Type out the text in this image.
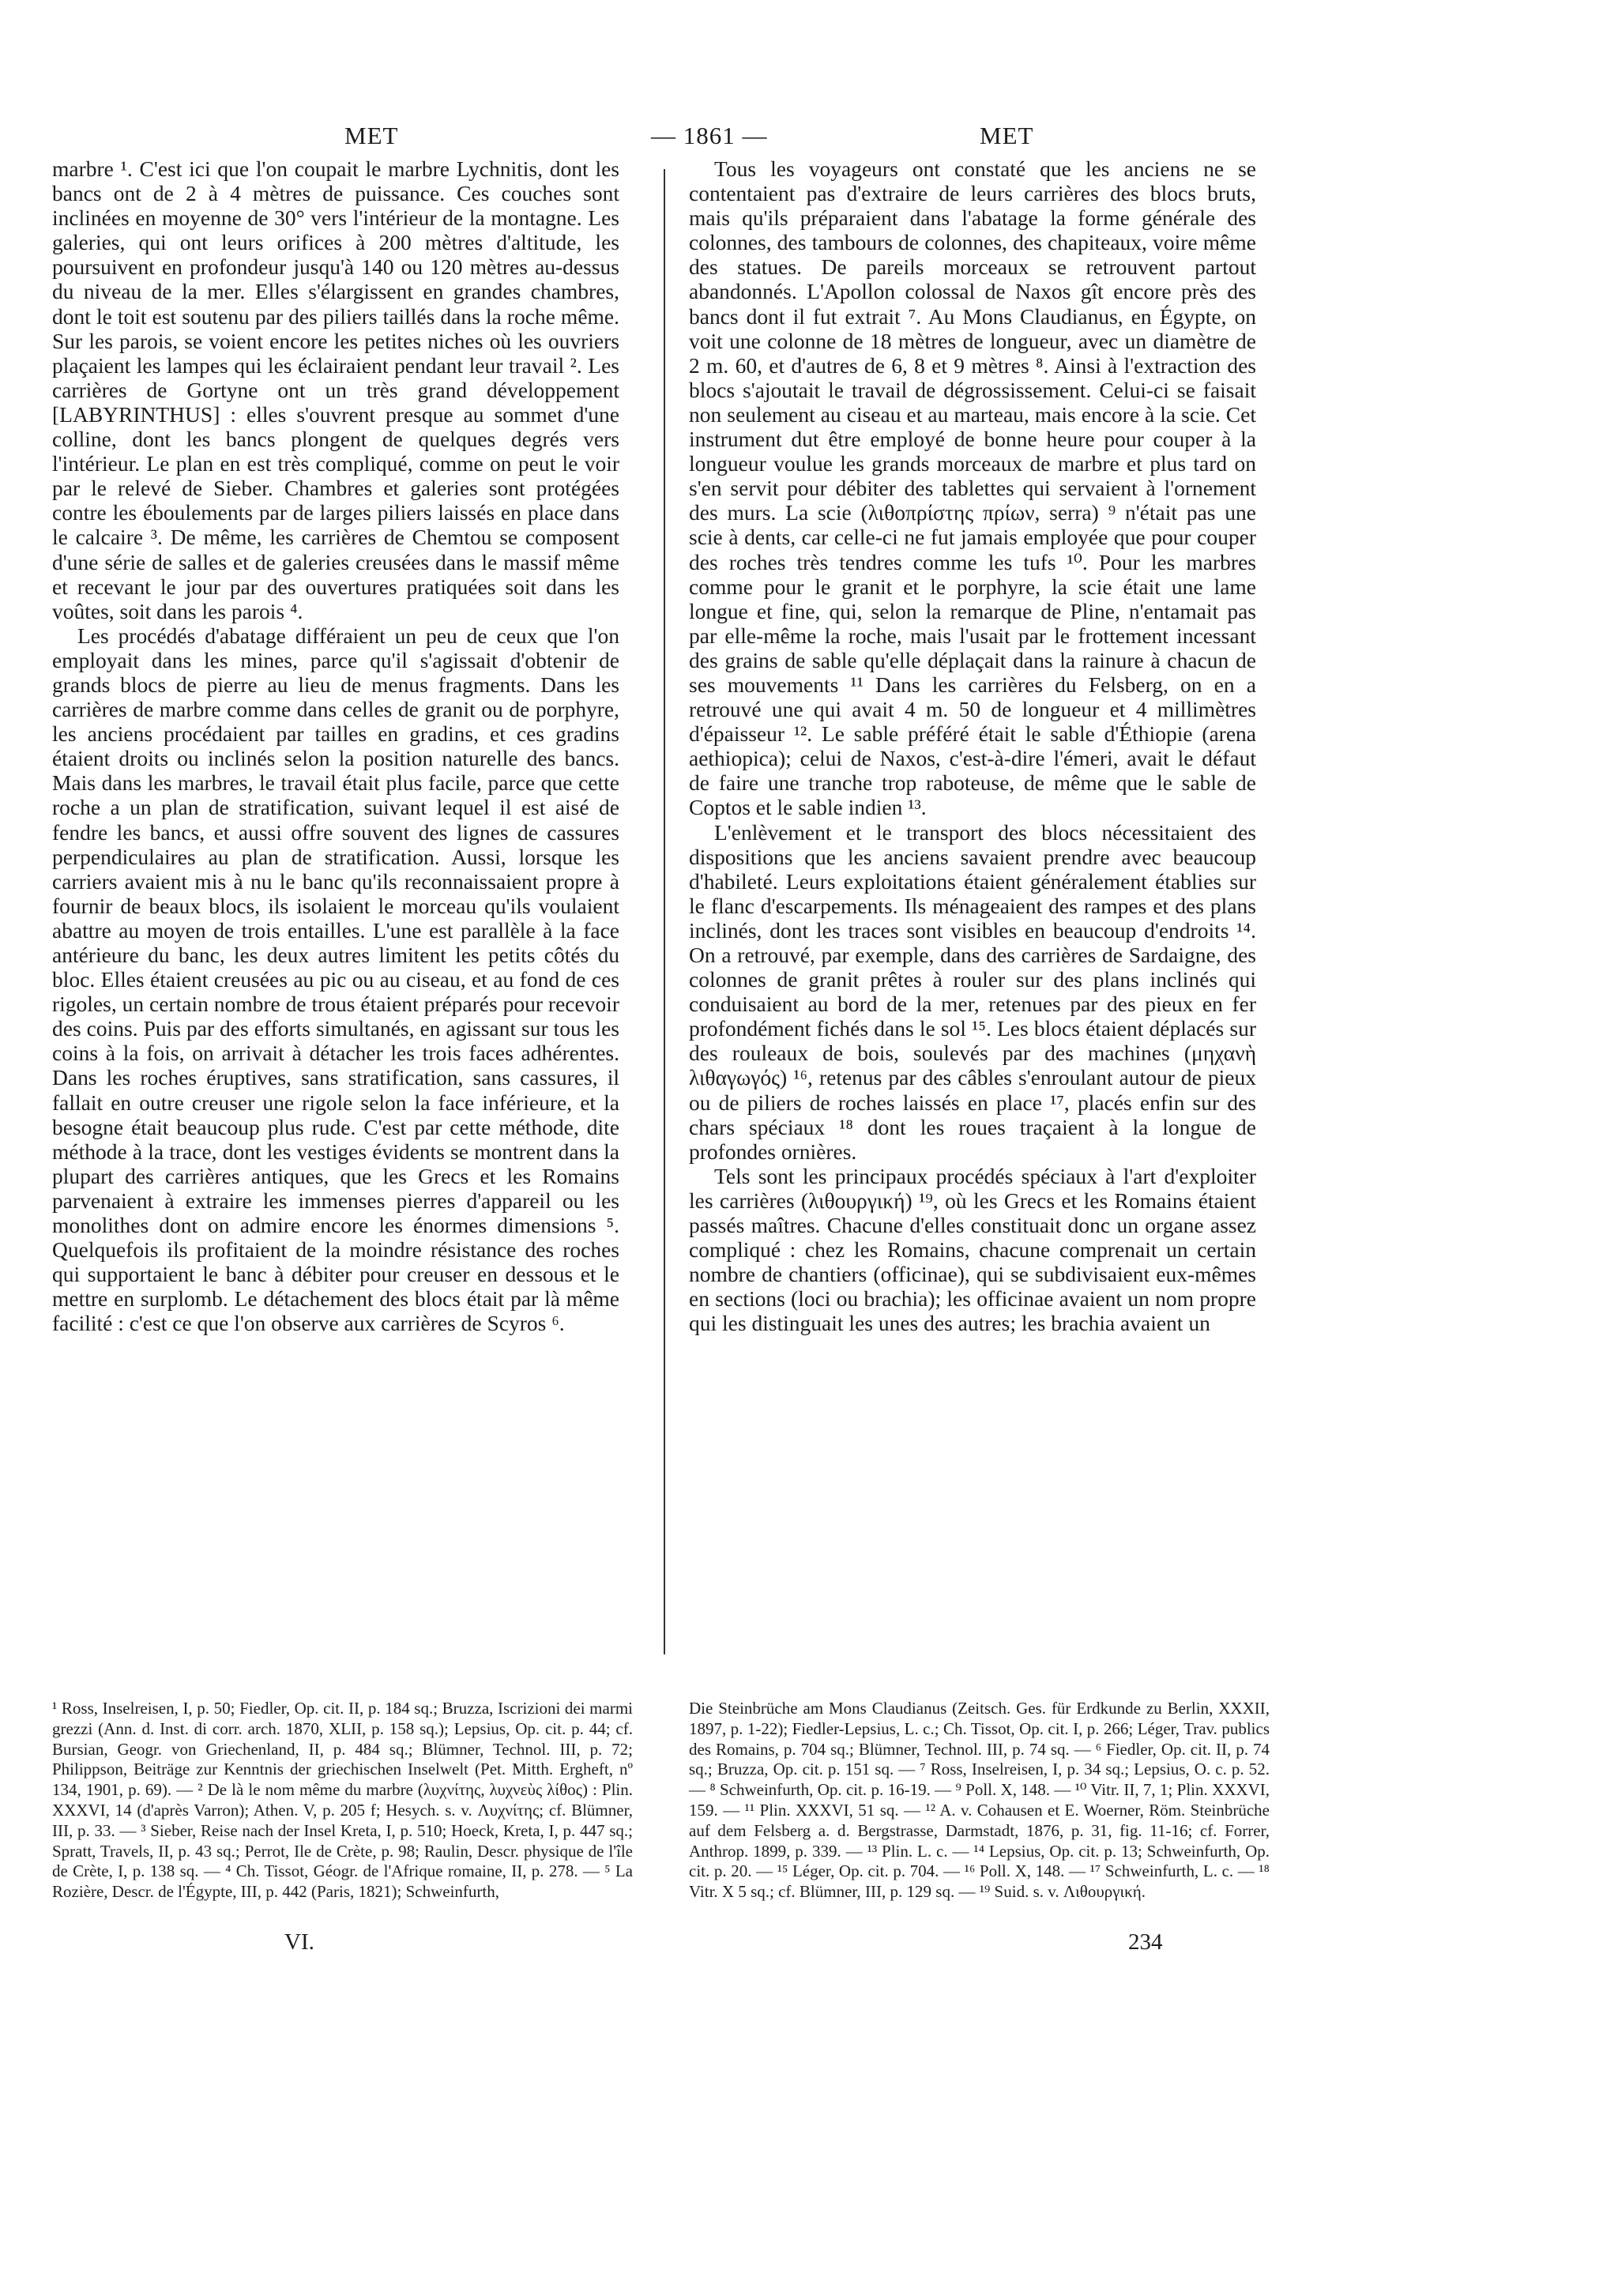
MET	— 1861 —	MET

marbre ¹. C'est ici que l'on coupait le marbre Lychnitis, dont les bancs ont de 2 à 4 mètres de puissance. Ces couches sont inclinées en moyenne de 30° vers l'intérieur de la montagne. Les galeries, qui ont leurs orifices à 200 mètres d'altitude, les poursuivent en profondeur jusqu'à 140 ou 120 mètres au-dessus du niveau de la mer. Elles s'élargissent en grandes chambres, dont le toit est soutenu par des piliers taillés dans la roche même. Sur les parois, se voient encore les petites niches où les ouvriers plaçaient les lampes qui les éclairaient pendant leur travail ². Les carrières de Gortyne ont un très grand développement [LABYRINTHUS] : elles s'ouvrent presque au sommet d'une colline, dont les bancs plongent de quelques degrés vers l'intérieur. Le plan en est très compliqué, comme on peut le voir par le relevé de Sieber. Chambres et galeries sont protégées contre les éboulements par de larges piliers laissés en place dans le calcaire ³. De même, les carrières de Chemtou se composent d'une série de salles et de galeries creusées dans le massif même et recevant le jour par des ouvertures pratiquées soit dans les voûtes, soit dans les parois ⁴.

Les procédés d'abatage différaient un peu de ceux que l'on employait dans les mines, parce qu'il s'agissait d'obtenir de grands blocs de pierre au lieu de menus fragments. Dans les carrières de marbre comme dans celles de granit ou de porphyre, les anciens procédaient par tailles en gradins, et ces gradins étaient droits ou inclinés selon la position naturelle des bancs. Mais dans les marbres, le travail était plus facile, parce que cette roche a un plan de stratification, suivant lequel il est aisé de fendre les bancs, et aussi offre souvent des lignes de cassures perpendiculaires au plan de stratification. Aussi, lorsque les carriers avaient mis à nu le banc qu'ils reconnaissaient propre à fournir de beaux blocs, ils isolaient le morceau qu'ils voulaient abattre au moyen de trois entailles. L'une est parallèle à la face antérieure du banc, les deux autres limitent les petits côtés du bloc. Elles étaient creusées au pic ou au ciseau, et au fond de ces rigoles, un certain nombre de trous étaient préparés pour recevoir des coins. Puis par des efforts simultanés, en agissant sur tous les coins à la fois, on arrivait à détacher les trois faces adhérentes. Dans les roches éruptives, sans stratification, sans cassures, il fallait en outre creuser une rigole selon la face inférieure, et la besogne était beaucoup plus rude. C'est par cette méthode, dite méthode à la trace, dont les vestiges évidents se montrent dans la plupart des carrières antiques, que les Grecs et les Romains parvenaient à extraire les immenses pierres d'appareil ou les monolithes dont on admire encore les énormes dimensions ⁵. Quelquefois ils profitaient de la moindre résistance des roches qui supportaient le banc à débiter pour creuser en dessous et le mettre en surplomb. Le détachement des blocs était par là même facilité : c'est ce que l'on observe aux carrières de Scyros ⁶.

Tous les voyageurs ont constaté que les anciens ne se contentaient pas d'extraire de leurs carrières des blocs bruts, mais qu'ils préparaient dans l'abatage la forme générale des colonnes, des tambours de colonnes, des chapiteaux, voire même des statues. De pareils morceaux se retrouvent partout abandonnés. L'Apollon colossal de Naxos gît encore près des bancs dont il fut extrait ⁷. Au Mons Claudianus, en Égypte, on voit une colonne de 18 mètres de longueur, avec un diamètre de 2 m. 60, et d'autres de 6, 8 et 9 mètres ⁸. Ainsi à l'extraction des blocs s'ajoutait le travail de dégrossissement. Celui-ci se faisait non seulement au ciseau et au marteau, mais encore à la scie. Cet instrument dut être employé de bonne heure pour couper à la longueur voulue les grands morceaux de marbre et plus tard on s'en servit pour débiter des tablettes qui servaient à l'ornement des murs. La scie (λιθοπρίστης πρίων, serra) ⁹ n'était pas une scie à dents, car celle-ci ne fut jamais employée que pour couper des roches très tendres comme les tufs ¹⁰. Pour les marbres comme pour le granit et le porphyre, la scie était une lame longue et fine, qui, selon la remarque de Pline, n'entamait pas par elle-même la roche, mais l'usait par le frottement incessant des grains de sable qu'elle déplaçait dans la rainure à chacun de ses mouvements ¹¹ Dans les carrières du Felsberg, on en a retrouvé une qui avait 4 m. 50 de longueur et 4 millimètres d'épaisseur ¹². Le sable préféré était le sable d'Éthiopie (arena aethiopica); celui de Naxos, c'est-à-dire l'émeri, avait le défaut de faire une tranche trop raboteuse, de même que le sable de Coptos et le sable indien ¹³.

L'enlèvement et le transport des blocs nécessitaient des dispositions que les anciens savaient prendre avec beaucoup d'habileté. Leurs exploitations étaient généralement établies sur le flanc d'escarpements. Ils ménageaient des rampes et des plans inclinés, dont les traces sont visibles en beaucoup d'endroits ¹⁴. On a retrouvé, par exemple, dans des carrières de Sardaigne, des colonnes de granit prêtes à rouler sur des plans inclinés qui conduisaient au bord de la mer, retenues par des pieux en fer profondément fichés dans le sol ¹⁵. Les blocs étaient déplacés sur des rouleaux de bois, soulevés par des machines (μηχανὴ λιθαγωγός) ¹⁶, retenus par des câbles s'enroulant autour de pieux ou de piliers de roches laissés en place ¹⁷, placés enfin sur des chars spéciaux ¹⁸ dont les roues traçaient à la longue de profondes ornières.

Tels sont les principaux procédés spéciaux à l'art d'exploiter les carrières (λιθουργική) ¹⁹, où les Grecs et les Romains étaient passés maîtres. Chacune d'elles constituait donc un organe assez compliqué : chez les Romains, chacune comprenait un certain nombre de chantiers (officinae), qui se subdivisaient eux-mêmes en sections (loci ou brachia); les officinae avaient un nom propre qui les distinguait les unes des autres; les brachia avaient un

¹ Ross, Inselreisen, I, p. 50; Fiedler, Op. cit. II, p. 184 sq.; Bruzza, Iscrizioni dei marmi grezzi (Ann. d. Inst. di corr. arch. 1870, XLII, p. 158 sq.); Lepsius, Op. cit. p. 44; cf. Bursian, Geogr. von Griechenland, II, p. 484 sq.; Blümner, Technol. III, p. 72; Philippson, Beiträge zur Kenntnis der griechischen Inselwelt (Pet. Mitth. Ergheft, nº 134, 1901, p. 69). — ² De là le nom même du marbre (λυχνίτης, λυχνεὺς λίθος) : Plin. XXXVI, 14 (d'après Varron); Athen. V, p. 205 f; Hesych. s. v. Λυχνίτης; cf. Blümner, III, p. 33. — ³ Sieber, Reise nach der Insel Kreta, I, p. 510; Hoeck, Kreta, I, p. 447 sq.; Spratt, Travels, II, p. 43 sq.; Perrot, Ile de Crète, p. 98; Raulin, Descr. physique de l'île de Crète, I, p. 138 sq. — ⁴ Ch. Tissot, Géogr. de l'Afrique romaine, II, p. 278. — ⁵ La Rozière, Descr. de l'Égypte, III, p. 442 (Paris, 1821); Schweinfurth,
Die Steinbrüche am Mons Claudianus (Zeitsch. Ges. für Erdkunde zu Berlin, XXXII, 1897, p. 1-22); Fiedler-Lepsius, L. c.; Ch. Tissot, Op. cit. I, p. 266; Léger, Trav. publics des Romains, p. 704 sq.; Blümner, Technol. III, p. 74 sq. — ⁶ Fiedler, Op. cit. II, p. 74 sq.; Bruzza, Op. cit. p. 151 sq. — ⁷ Ross, Inselreisen, I, p. 34 sq.; Lepsius, O. c. p. 52. — ⁸ Schweinfurth, Op. cit. p. 16-19. — ⁹ Poll. X, 148. — ¹⁰ Vitr. II, 7, 1; Plin. XXXVI, 159. — ¹¹ Plin. XXXVI, 51 sq. — ¹² A. v. Cohausen et E. Woerner, Röm. Steinbrüche auf dem Felsberg a. d. Bergstrasse, Darmstadt, 1876, p. 31, fig. 11-16; cf. Forrer, Anthrop. 1899, p. 339. — ¹³ Plin. L. c. — ¹⁴ Lepsius, Op. cit. p. 13; Schweinfurth, Op. cit. p. 20. — ¹⁵ Léger, Op. cit. p. 704. — ¹⁶ Poll. X, 148. — ¹⁷ Schweinfurth, L. c. — ¹⁸ Vitr. X 5 sq.; cf. Blümner, III, p. 129 sq. — ¹⁹ Suid. s. v. Λιθουργική.
VI.	234
